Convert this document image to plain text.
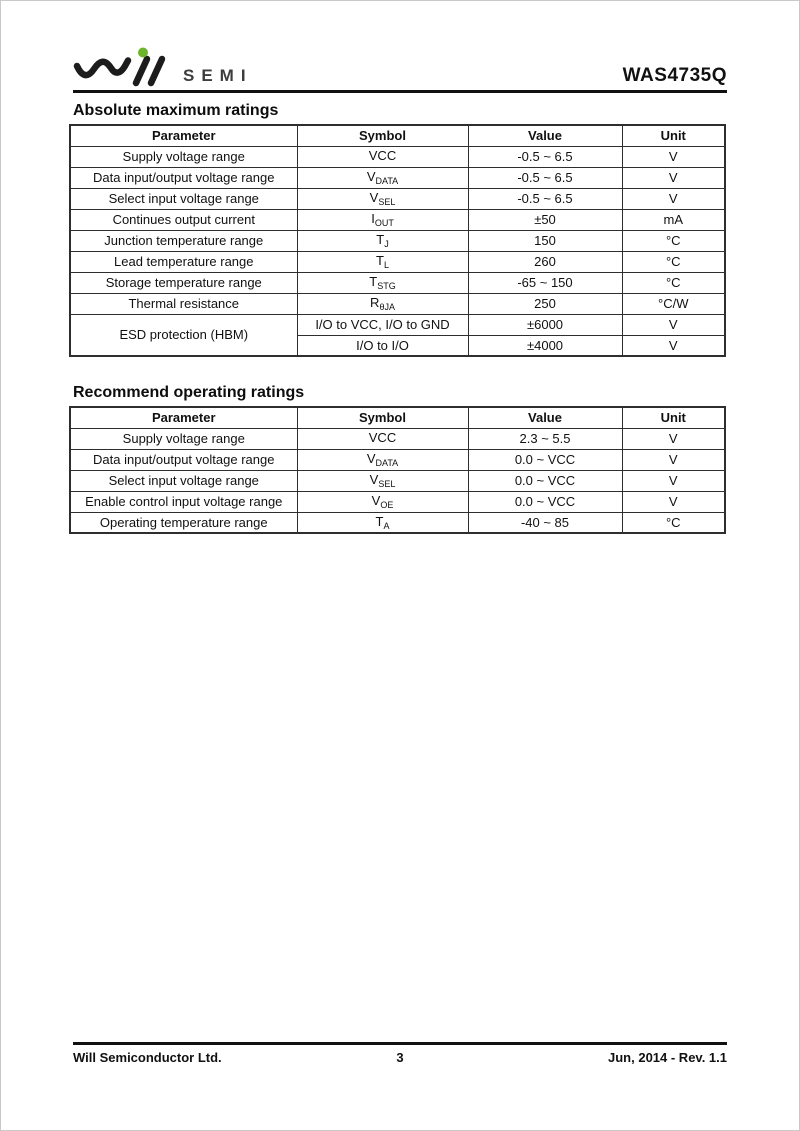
SEMI	WAS4735Q
Absolute maximum ratings
Parameter	Symbol	Value	Unit
Supply voltage range	VCC	-0.5 ~ 6.5	V
Data input/output voltage range	$V_{DATA}$	-0.5 ~ 6.5	V
Select input voltage range	$V_{SEL}$	-0.5 ~ 6.5	V
Continues output current	$I_{OUT}$	±50	mA
Junction temperature range	$T_J$	150	°C
Lead temperature range	$T_L$	260	°C
Storage temperature range	$T_{STG}$	-65 ~ 150	°C
Thermal resistance	$R_{\theta JA}$	250	°C/W
ESD protection (HBM)	I/O to VCC, I/O to GND	±6000	V
	I/O to I/O	±4000	V
Recommend operating ratings
Parameter	Symbol	Value	Unit
Supply voltage range	VCC	2.3 ~ 5.5	V
Data input/output voltage range	$V_{DATA}$	0.0 ~ VCC	V
Select input voltage range	$V_{SEL}$	0.0 ~ VCC	V
Enable control input voltage range	$V_{OE}$	0.0 ~ VCC	V
Operating temperature range	$T_A$	-40 ~ 85	°C
Will Semiconductor Ltd.	3	Jun, 2014 - Rev. 1.1
